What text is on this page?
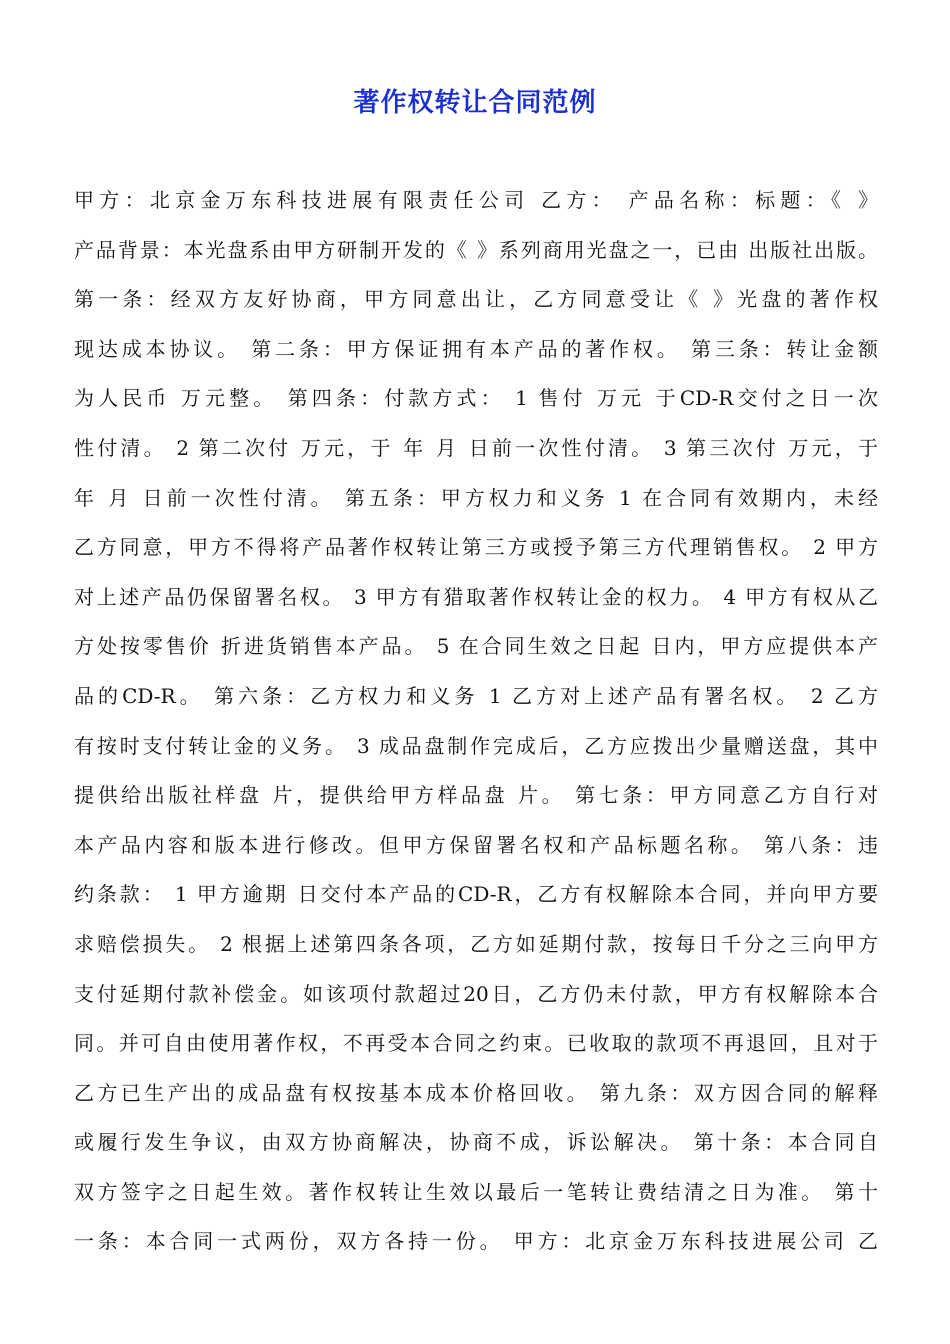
著作权转让合同范例
甲方：北京金万东科技进展有限责任公司 乙方： 产品名称：标题：《 》
产品背景：本光盘系由甲方研制开发的《 》系列商用光盘之一，已由 出版社出版。
第一条：经双方友好协商，甲方同意出让，乙方同意受让《 》光盘的著作权
现达成本协议。 第二条：甲方保证拥有本产品的著作权。 第三条：转让金额
为人民币 万元整。 第四条：付款方式： 1 售付 万元 于CD-R交付之日一次
性付清。 2 第二次付 万元，于 年 月 日前一次性付清。 3 第三次付 万元，于
年 月 日前一次性付清。 第五条：甲方权力和义务 1 在合同有效期内，未经
乙方同意，甲方不得将产品著作权转让第三方或授予第三方代理销售权。 2 甲方
对上述产品仍保留署名权。 3 甲方有猎取著作权转让金的权力。 4 甲方有权从乙
方处按零售价 折进货销售本产品。 5 在合同生效之日起 日内，甲方应提供本产
品的CD-R。 第六条：乙方权力和义务 1 乙方对上述产品有署名权。 2 乙方
有按时支付转让金的义务。 3 成品盘制作完成后，乙方应拨出少量赠送盘，其中
提供给出版社样盘 片，提供给甲方样品盘 片。 第七条：甲方同意乙方自行对
本产品内容和版本进行修改。但甲方保留署名权和产品标题名称。 第八条：违
约条款： 1 甲方逾期 日交付本产品的CD-R，乙方有权解除本合同，并向甲方要
求赔偿损失。 2 根据上述第四条各项，乙方如延期付款，按每日千分之三向甲方
支付延期付款补偿金。如该项付款超过20日，乙方仍未付款，甲方有权解除本合
同。并可自由使用著作权，不再受本合同之约束。已收取的款项不再退回，且对于
乙方已生产出的成品盘有权按基本成本价格回收。 第九条：双方因合同的解释
或履行发生争议，由双方协商解决，协商不成，诉讼解决。 第十条：本合同自
双方签字之日起生效。著作权转让生效以最后一笔转让费结清之日为准。 第十
一条：本合同一式两份，双方各持一份。 甲方：北京金万东科技进展公司 乙
